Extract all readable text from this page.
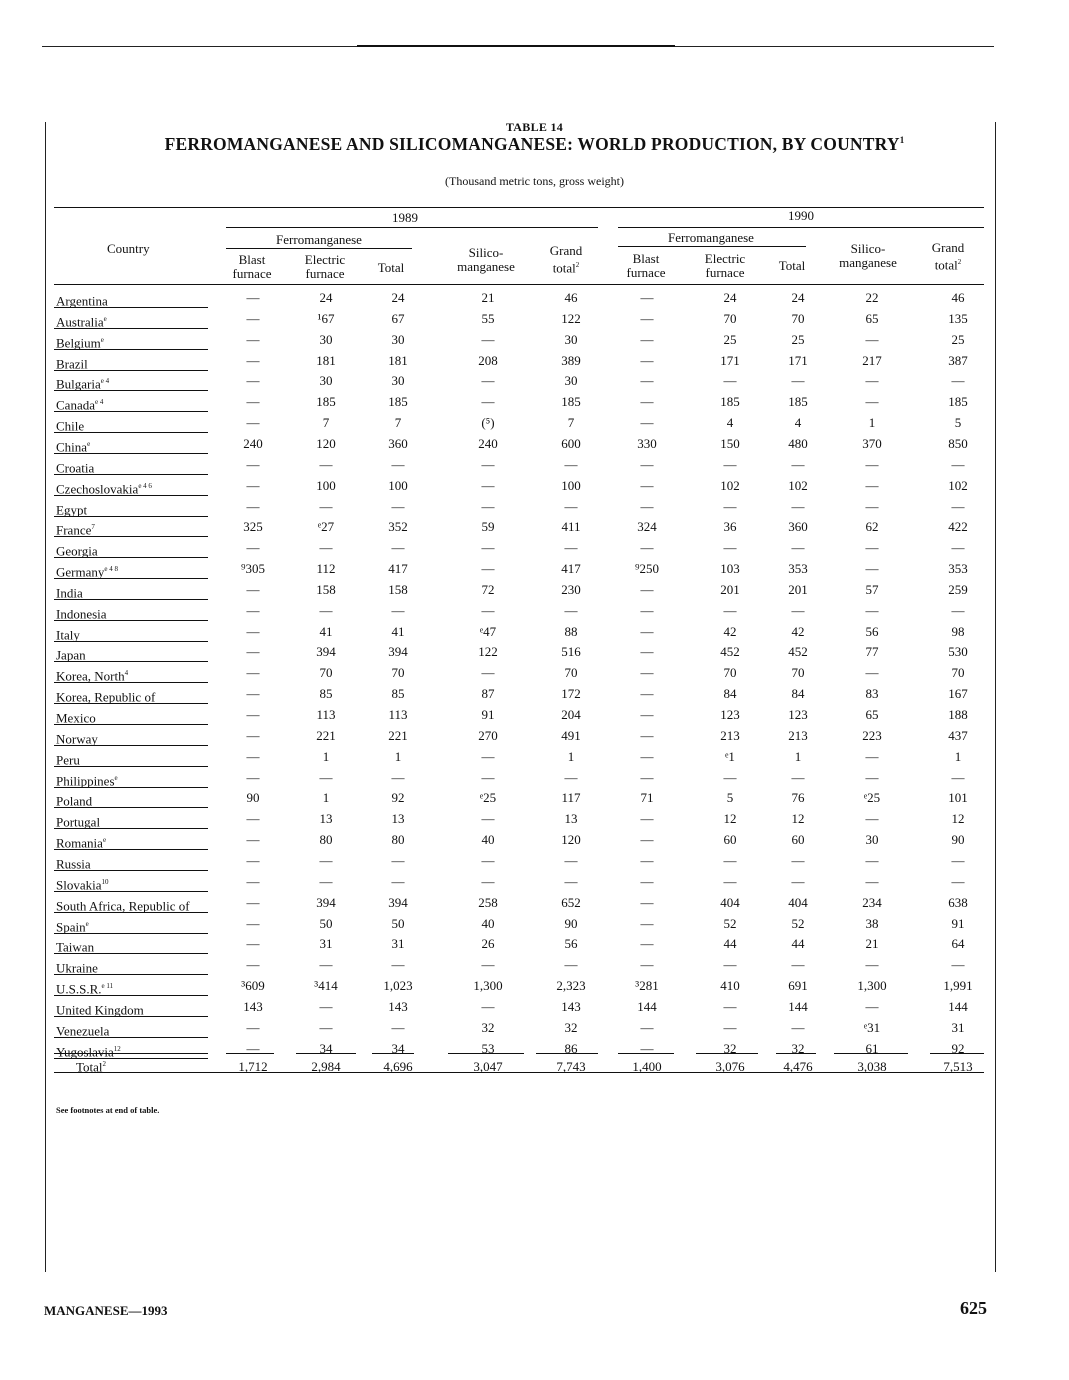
TABLE 14
FERROMANGANESE AND SILICOMANGANESE: WORLD PRODUCTION, BY COUNTRY$^1$
(Thousand metric tons, gross weight)
Country
1989	1990
Ferromanganese	Ferromanganese
Blast
furnace
Electric
furnace	Total
Silico-
manganese
Grand
total$^2$	Blast
furnace
Electric
furnace	Total
Silico-
manganese
Grand
total$^2$
Argentina	—	24	24	21	46	—	24	24	22	46
Australia$^e$	—	¹67	67	55	122	—	70	70	65	135
Belgium$^e$	—	30	30	—	30	—	25	25	—	25
Brazil	—	181	181	208	389	—	171	171	217	387
Bulgaria$^{e 4}$	—	30	30	—	30	—	—	—	—	—
Canada$^{e 4}$	—	185	185	—	185	—	185	185	—	185
Chile	—	7	7	(⁵)	7	—	4	4	1	5
China$^e$	240	120	360	240	600	330	150	480	370	850
Croatia	—	—	—	—	—	—	—	—	—	—
Czechoslovakia$^{e 4 6}$	—	100	100	—	100	—	102	102	—	102
Egypt	—	—	—	—	—	—	—	—	—	—
France$^7$	325	ᵉ27	352	59	411	324	36	360	62	422
Georgia	—	—	—	—	—	—	—	—	—	—
Germany$^{e 4 8}$	⁹305	112	417	—	417	⁹250	103	353	—	353
India	—	158	158	72	230	—	201	201	57	259
Indonesia	—	—	—	—	—	—	—	—	—	—
Italy	—	41	41	ᵉ47	88	—	42	42	56	98
Japan	—	394	394	122	516	—	452	452	77	530
Korea, North$^4$	—	70	70	—	70	—	70	70	—	70
Korea, Republic of	—	85	85	87	172	—	84	84	83	167
Mexico	—	113	113	91	204	—	123	123	65	188
Norway	—	221	221	270	491	—	213	213	223	437
Peru	—	1	1	—	1	—	ᵉ1	1	—	1
Philippines$^e$	—	—	—	—	—	—	—	—	—	—
Poland	90	1	92	ᵉ25	117	71	5	76	ᵉ25	101
Portugal	—	13	13	—	13	—	12	12	—	12
Romania$^e$	—	80	80	40	120	—	60	60	30	90
Russia	—	—	—	—	—	—	—	—	—	—
Slovakia$^{10}$	—	—	—	—	—	—	—	—	—	—
South Africa, Republic of	—	394	394	258	652	—	404	404	234	638
Spain$^e$	—	50	50	40	90	—	52	52	38	91
Taiwan	—	31	31	26	56	—	44	44	21	64
Ukraine	—	—	—	—	—	—	—	—	—	—
U.S.S.R.$^{e 11}$	³609	³414	1,023	1,300	2,323	³281	410	691	1,300	1,991
United Kingdom	143	—	143	—	143	144	—	144	—	144
Venezuela	—	—	—	32	32	—	—	—	ᵉ31	31
Yugoslavia$^{12}$	—	34	34	53	86	—	32	32	61	92
Total$^2$	1,712	2,984	4,696	3,047	7,743	1,400	3,076	4,476	3,038	7,513
See footnotes at end of table.
MANGANESE—1993	625
